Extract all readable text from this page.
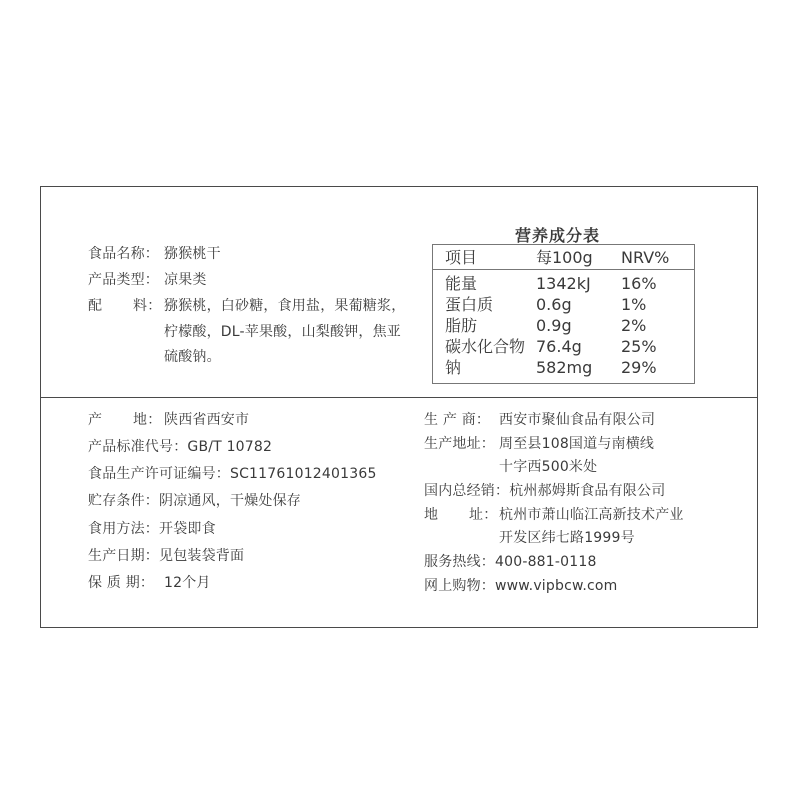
食品名称： 猕猴桃干
产品类型： 凉果类
配 料： 猕猴桃，白砂糖，食用盐，果葡糖浆，
柠檬酸，DL-苹果酸，山梨酸钾，焦亚
硫酸钠。
营养成分表
项目	每100g NRV%
能量	1342kJ 16%
蛋白质	0.6g	1%
脂肪	0.9g	2%
碳水化合物 76.4g 25%
钠	582mg 29%
产 地： 陕西省西安市
产品标准代号：GB/T 10782
食品生产许可证编号：SC11761012401365
贮存条件：阴凉通风，干燥处保存
食用方法：开袋即食
生产日期：见包装袋背面
保 质 期： 12个月
生 产 商： 西安市聚仙食品有限公司
生产地址： 周至县108国道与南横线
十字西500米处
国内总经销：杭州郝姆斯食品有限公司
地 址： 杭州市萧山临江高新技术产业
开发区纬七路1999号
服务热线：400-881-0118
网上购物：www.vipbcw.com
